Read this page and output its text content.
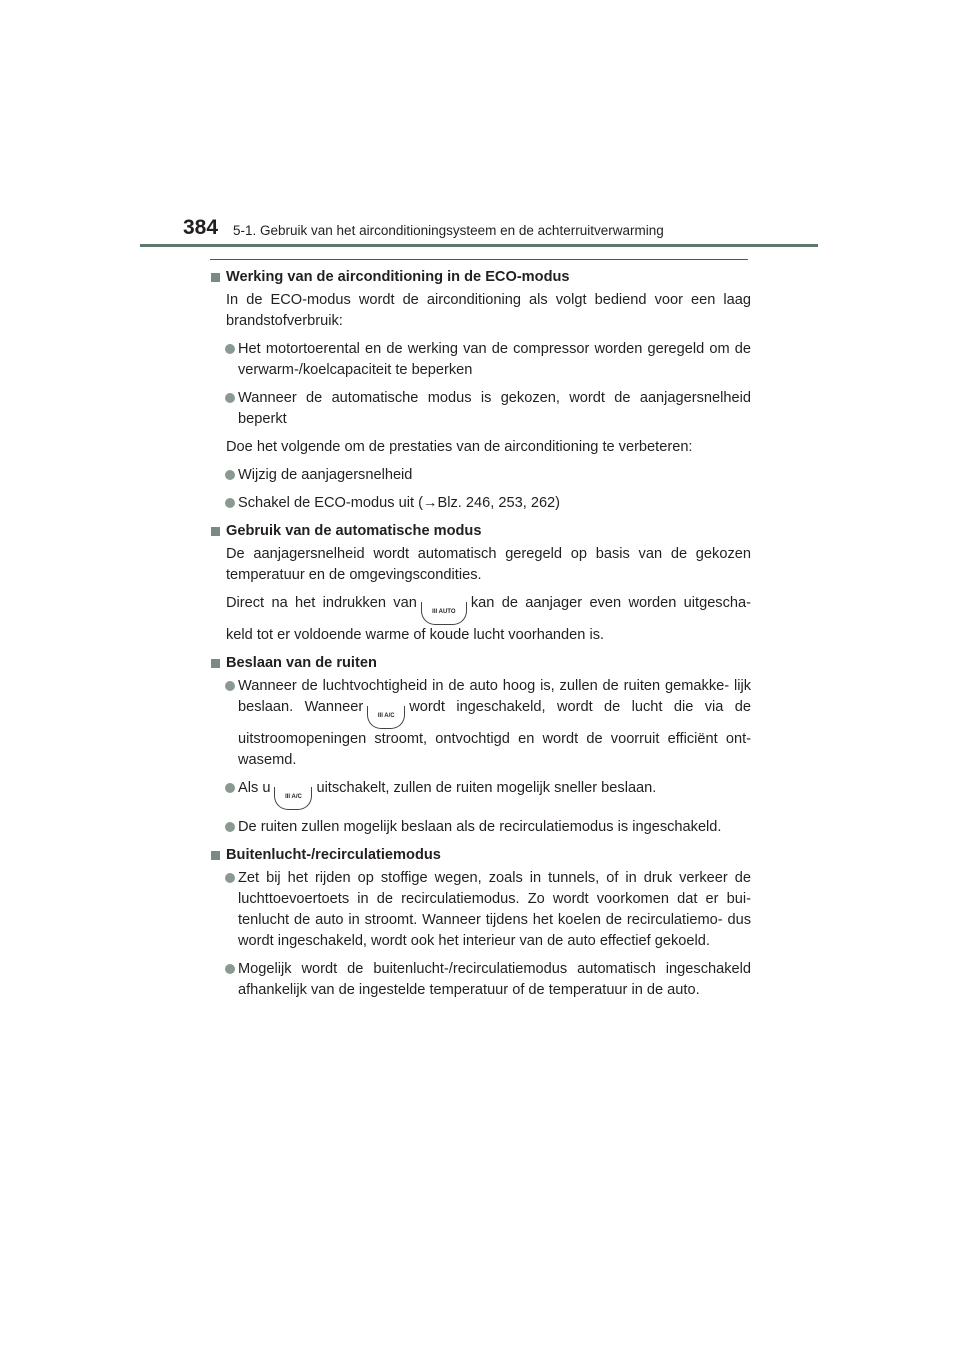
384 5-1. Gebruik van het airconditioningsysteem en de achterruitverwarming
Werking van de airconditioning in de ECO-modus
In de ECO-modus wordt de airconditioning als volgt bediend voor een laag brandstofverbruik:
Het motortoerental en de werking van de compressor worden geregeld om de verwarm-/koelcapaciteit te beperken
Wanneer de automatische modus is gekozen, wordt de aanjagersnelheid beperkt
Doe het volgende om de prestaties van de airconditioning te verbeteren:
Wijzig de aanjagersnelheid
Schakel de ECO-modus uit (→Blz. 246, 253, 262)
Gebruik van de automatische modus
De aanjagersnelheid wordt automatisch geregeld op basis van de gekozen temperatuur en de omgevingscondities.
Direct na het indrukken vanIII AUTOkan de aanjager even worden uitgescha- keld tot er voldoende warme of koude lucht voorhanden is.
Beslaan van de ruiten
Wanneer de luchtvochtigheid in de auto hoog is, zullen de ruiten gemakke- lijk beslaan. WanneerIII A/Cwordt ingeschakeld, wordt de lucht die via de uitstroomopeningen stroomt, ontvochtigd en wordt de voorruit efficiënt ont- wasemd.
Als uIII A/Cuitschakelt, zullen de ruiten mogelijk sneller beslaan.
De ruiten zullen mogelijk beslaan als de recirculatiemodus is ingeschakeld.
Buitenlucht-/recirculatiemodus
Zet bij het rijden op stoffige wegen, zoals in tunnels, of in druk verkeer de luchttoevoertoets in de recirculatiemodus. Zo wordt voorkomen dat er bui- tenlucht de auto in stroomt. Wanneer tijdens het koelen de recirculatiemo- dus wordt ingeschakeld, wordt ook het interieur van de auto effectief gekoeld.
Mogelijk wordt de buitenlucht-/recirculatiemodus automatisch ingeschakeld afhankelijk van de ingestelde temperatuur of de temperatuur in de auto.
